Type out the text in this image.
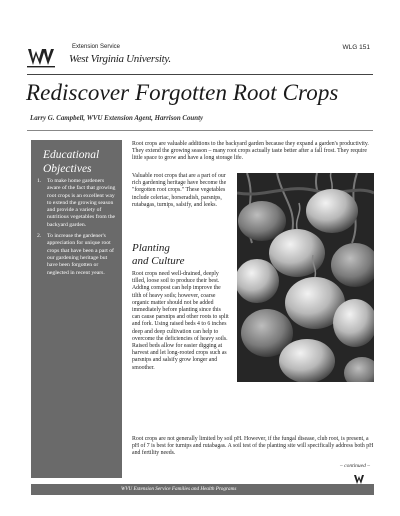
Extension Service
West Virginia University.
WLG 151
Rediscover Forgotten Root Crops
Larry G. Campbell, WVU Extension Agent, Harrison County
Educational
Objectives
1. To make home gardeners aware of the fact that growing root crops is an excellent way to extend the growing season and provide a variety of nutritious vegetables from the backyard garden.
2. To increase the gardener's appreciation for unique root crops that have been a part of our gardening heritage but have been forgotten or neglected in recent years.
Root crops are valuable additions to the backyard garden because they expand a garden's productivity. They extend the growing season – many root crops actually taste better after a fall frost. They require little space to grow and have a long storage life.
Valuable root crops that are a part of our rich gardening heritage have become the "forgotten root crops." These vegetables include celeriac, horseradish, parsnips, rutabagas, turnips, salsify, and leeks.
Planting
and Culture
Root crops need well-drained, deeply tilled, loose soil to produce their best. Adding compost can help improve the tilth of heavy soils; however, coarse organic matter should not be added immediately before planting since this can cause parsnips and other roots to split and fork. Using raised beds 4 to 6 inches deep and deep cultivation can help to overcome the deficiencies of heavy soils. Raised beds allow for easier digging at harvest and let long-rooted crops such as parsnips and salsify grow longer and smoother.
Root crops are not generally limited by soil pH. However, if the fungal disease, club root, is present, a pH of 7 is best for turnips and rutabagas. A soil test of the planting site will specifically address both pH and fertility needs.
– continued –
WVU Extension Service Families and Health Programs
